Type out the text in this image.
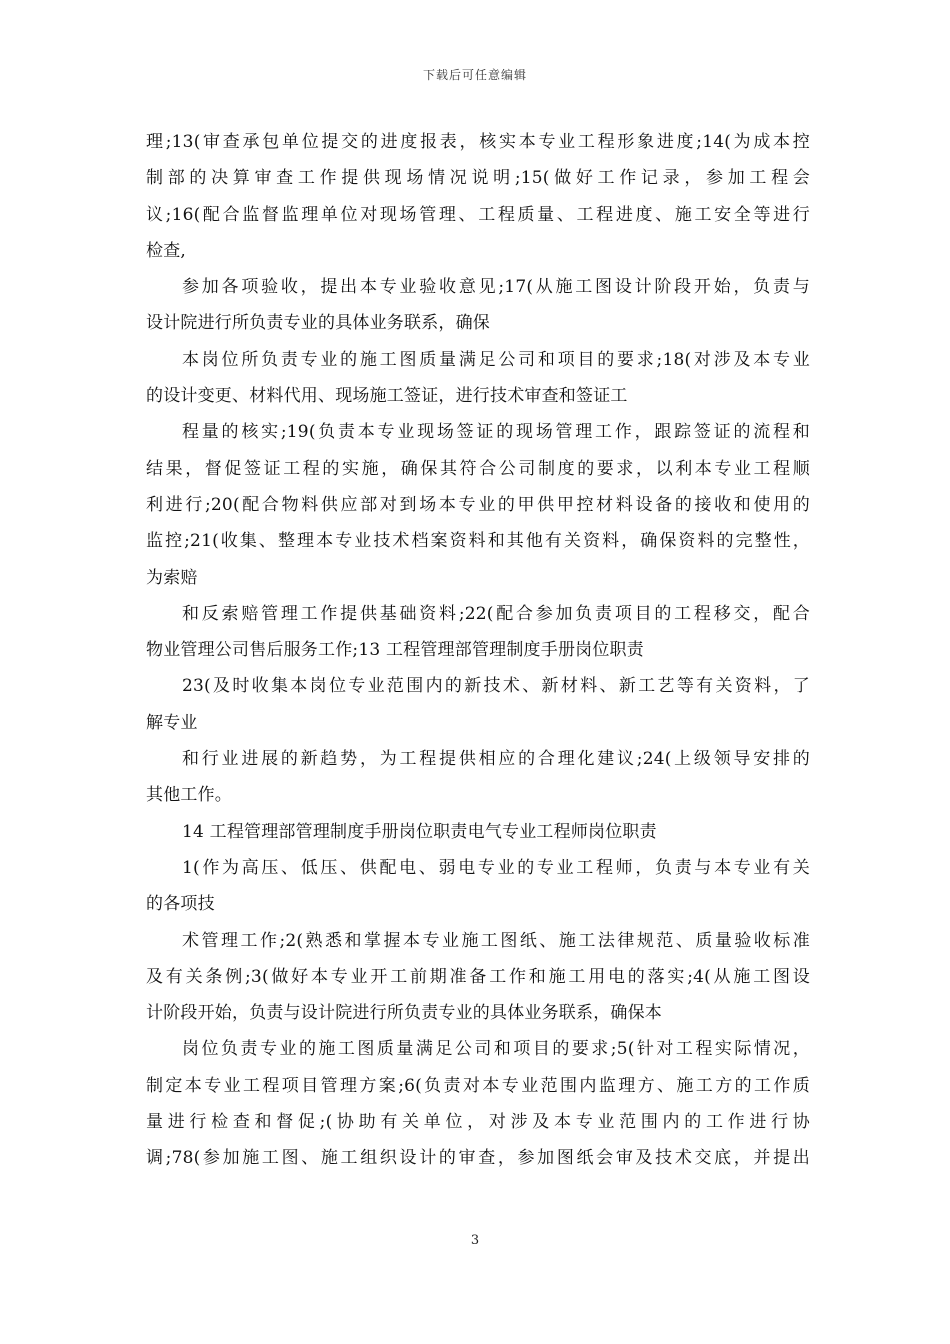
下载后可任意编辑
理;13(审查承包单位提交的进度报表，核实本专业工程形象进度;14(为成本控
制部的决算审查工作提供现场情况说明;15(做好工作记录，参加工程会
议;16(配合监督监理单位对现场管理、工程质量、工程进度、施工安全等进行
检查,
参加各项验收，提出本专业验收意见;17(从施工图设计阶段开始，负责与
设计院进行所负责专业的具体业务联系，确保
本岗位所负责专业的施工图质量满足公司和项目的要求;18(对涉及本专业
的设计变更、材料代用、现场施工签证，进行技术审查和签证工
程量的核实;19(负责本专业现场签证的现场管理工作，跟踪签证的流程和
结果，督促签证工程的实施，确保其符合公司制度的要求，以利本专业工程顺
利进行;20(配合物料供应部对到场本专业的甲供甲控材料设备的接收和使用的
监控;21(收集、整理本专业技术档案资料和其他有关资料，确保资料的完整性，
为索赔
和反索赔管理工作提供基础资料;22(配合参加负责项目的工程移交，配合
物业管理公司售后服务工作;13 工程管理部管理制度手册岗位职责
23(及时收集本岗位专业范围内的新技术、新材料、新工艺等有关资料，了
解专业
和行业进展的新趋势，为工程提供相应的合理化建议;24(上级领导安排的
其他工作。
14 工程管理部管理制度手册岗位职责电气专业工程师岗位职责
1(作为高压、低压、供配电、弱电专业的专业工程师，负责与本专业有关
的各项技
术管理工作;2(熟悉和掌握本专业施工图纸、施工法律规范、质量验收标准
及有关条例;3(做好本专业开工前期准备工作和施工用电的落实;4(从施工图设
计阶段开始，负责与设计院进行所负责专业的具体业务联系，确保本
岗位负责专业的施工图质量满足公司和项目的要求;5(针对工程实际情况，
制定本专业工程项目管理方案;6(负责对本专业范围内监理方、施工方的工作质
量进行检查和督促;(协助有关单位，对涉及本专业范围内的工作进行协
调;78(参加施工图、施工组织设计的审查，参加图纸会审及技术交底，并提出
3
